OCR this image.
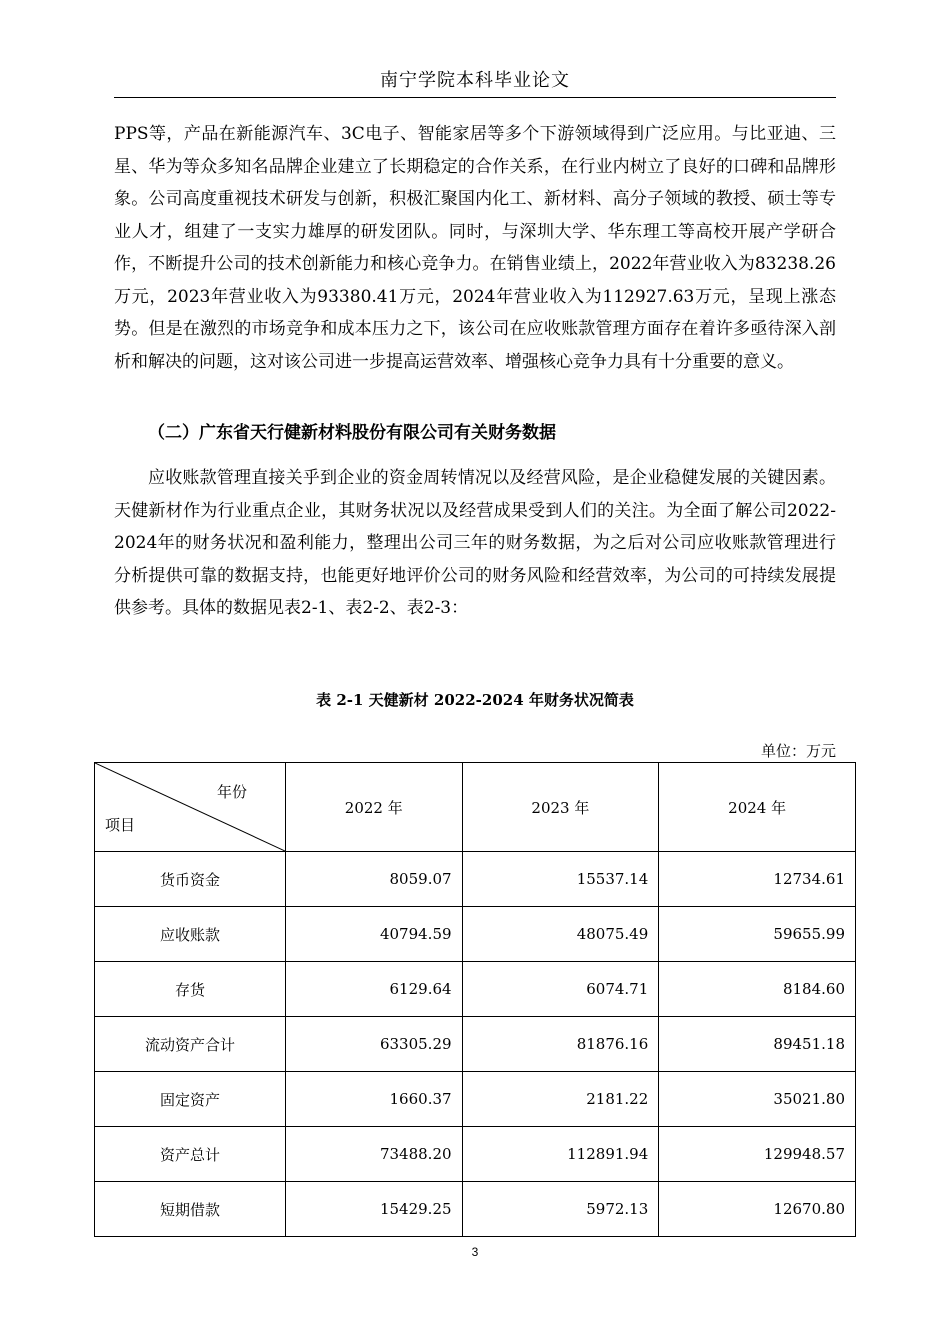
南宁学院本科毕业论文

PPS等，产品在新能源汽车、3C电子、智能家居等多个下游领域得到广泛应用。与比亚迪、三星、华为等众多知名品牌企业建立了长期稳定的合作关系，在行业内树立了良好的口碑和品牌形象。公司高度重视技术研发与创新，积极汇聚国内化工、新材料、高分子领域的教授、硕士等专业人才，组建了一支实力雄厚的研发团队。同时，与深圳大学、华东理工等高校开展产学研合作，不断提升公司的技术创新能力和核心竞争力。在销售业绩上，2022年营业收入为83238.26万元，2023年营业收入为93380.41万元，2024年营业收入为112927.63万元，呈现上涨态势。但是在激烈的市场竞争和成本压力之下，该公司在应收账款管理方面存在着许多亟待深入剖析和解决的问题，这对该公司进一步提高运营效率、增强核心竞争力具有十分重要的意义。

（二）广东省天行健新材料股份有限公司有关财务数据

应收账款管理直接关乎到企业的资金周转情况以及经营风险，是企业稳健发展的关键因素。天健新材作为行业重点企业，其财务状况以及经营成果受到人们的关注。为全面了解公司2022-2024年的财务状况和盈利能力，整理出公司三年的财务数据，为之后对公司应收账款管理进行分析提供可靠的数据支持，也能更好地评价公司的财务风险和经营效率，为公司的可持续发展提供参考。具体的数据见表2-1、表2-2、表2-3：

表 2-1 天健新材 2022-2024 年财务状况简表
单位：万元
年份
项目	2022 年	2023 年	2024 年
货币资金	8059.07	15537.14	12734.61
应收账款	40794.59	48075.49	59655.99
存货	6129.64	6074.71	8184.60
流动资产合计	63305.29	81876.16	89451.18
固定资产	1660.37	2181.22	35021.80
资产总计	73488.20	112891.94	129948.57
短期借款	15429.25	5972.13	12670.80
3
